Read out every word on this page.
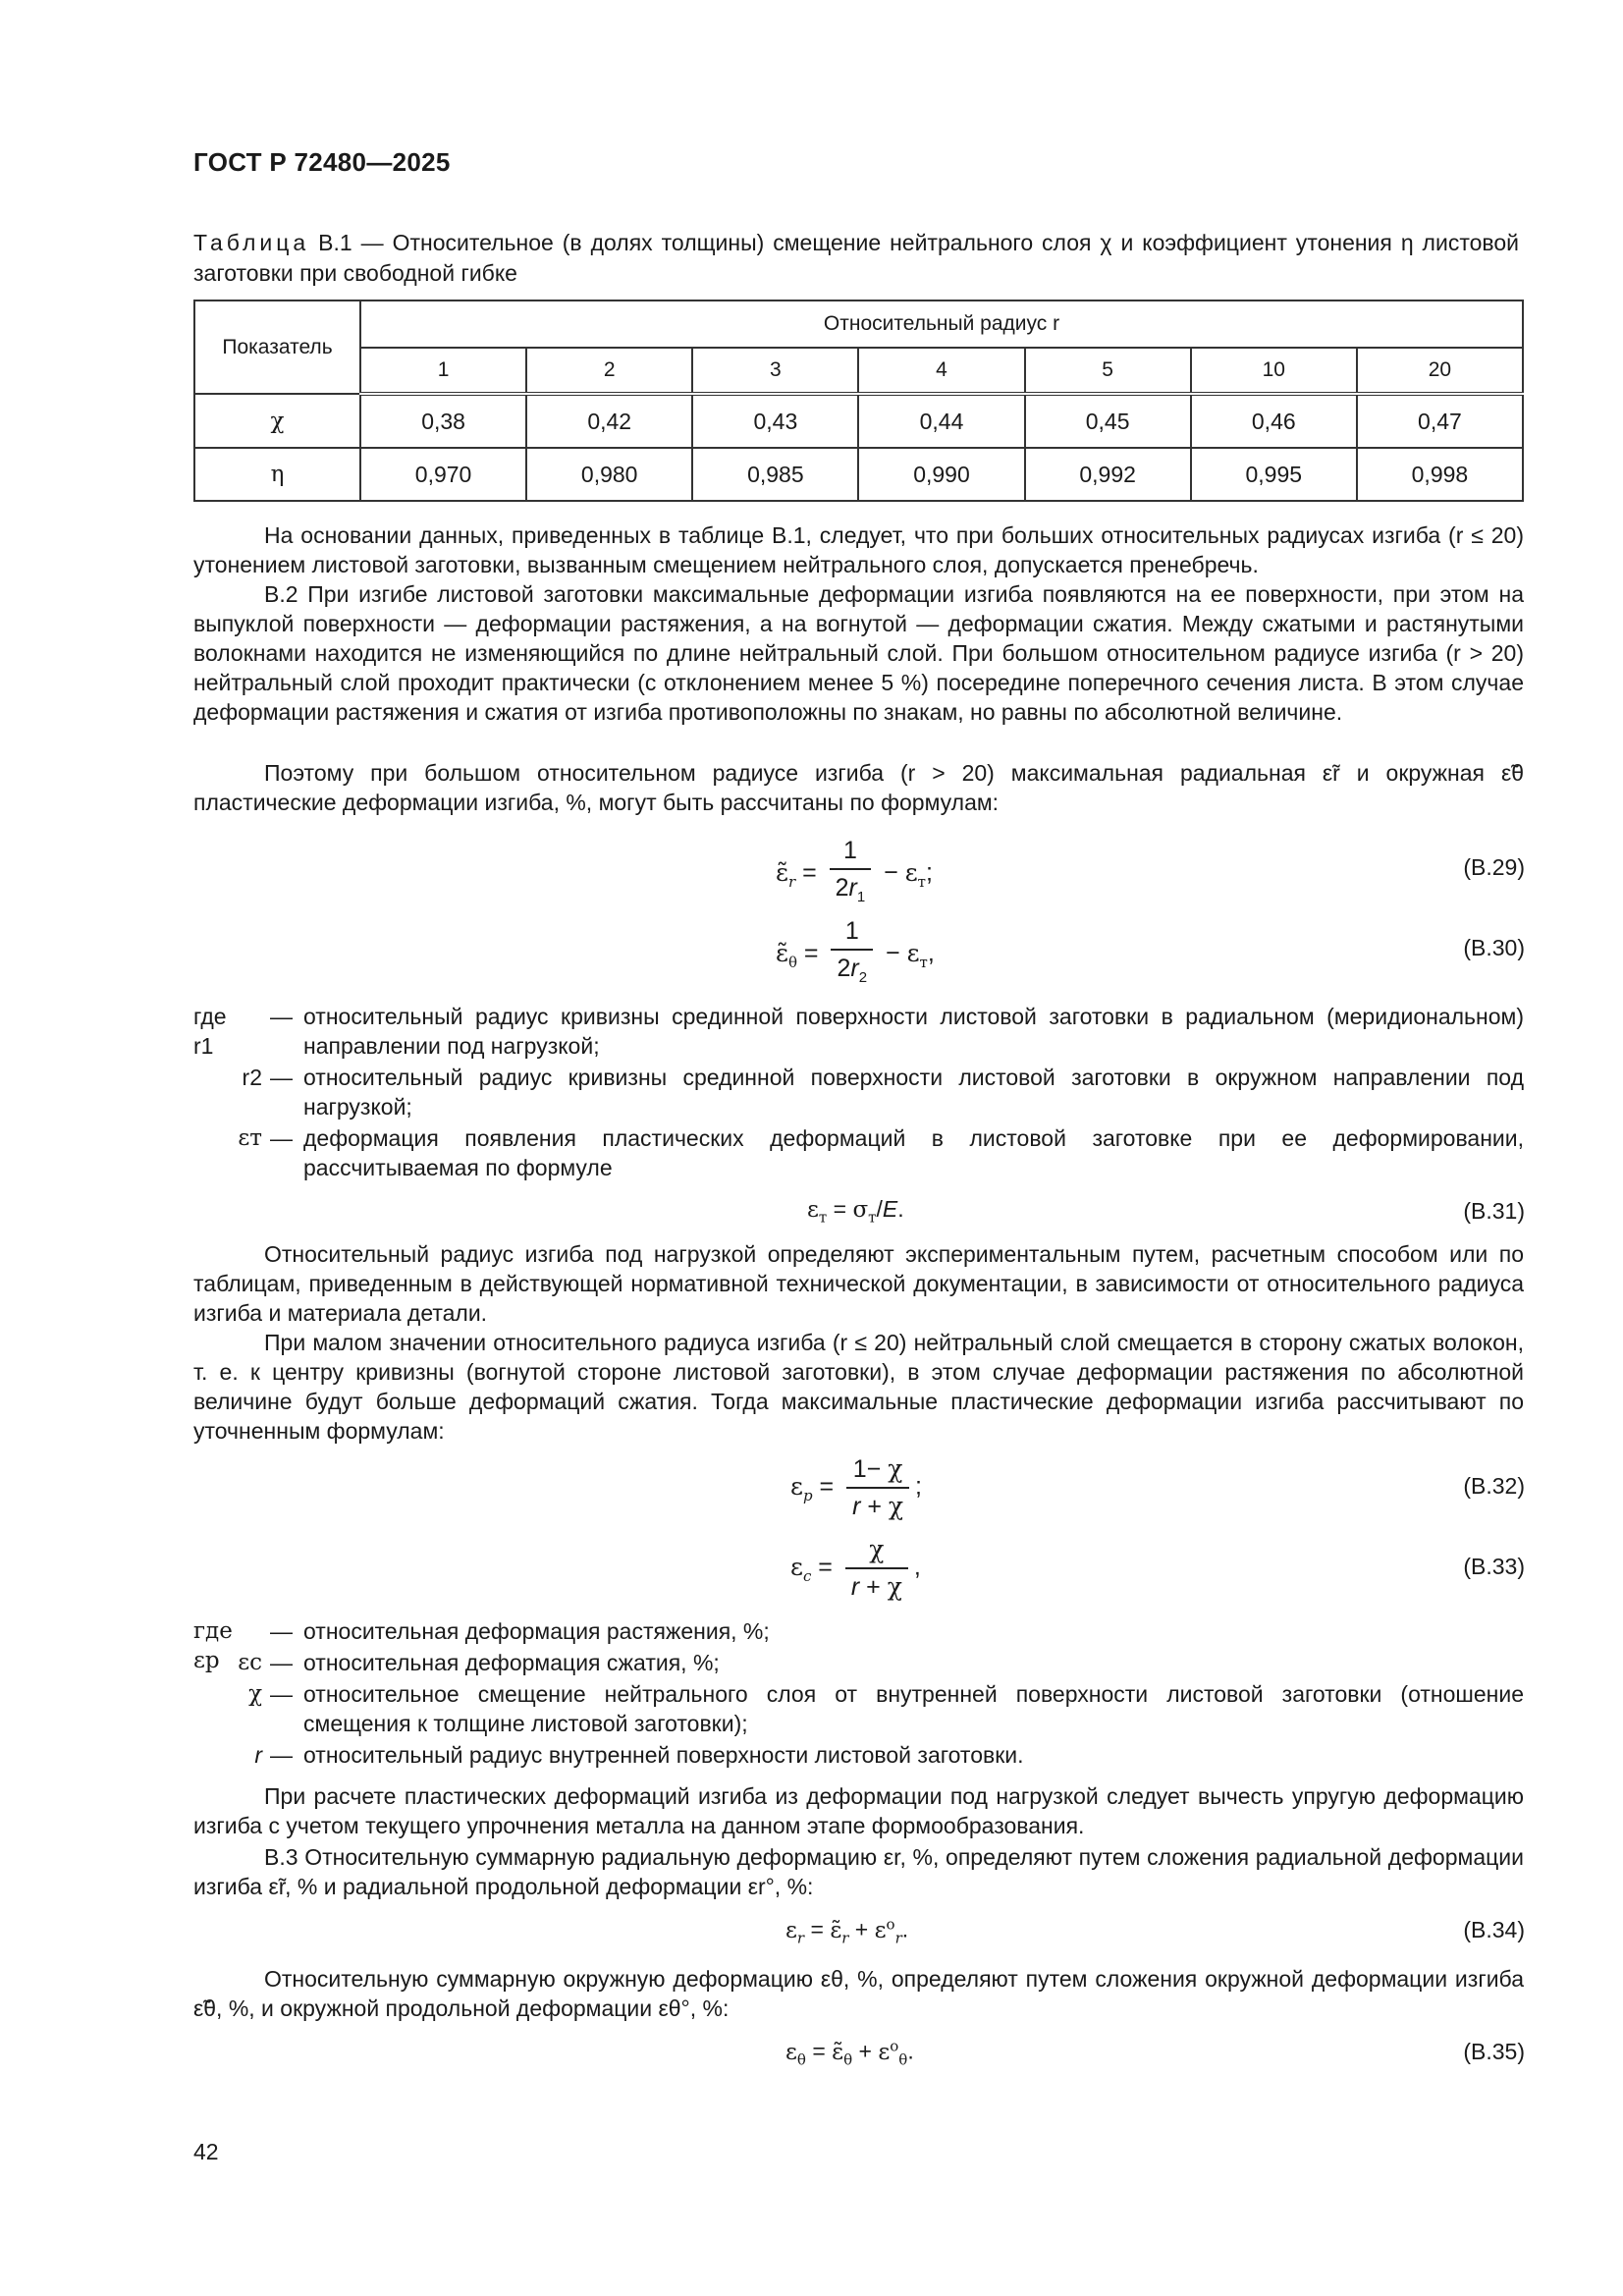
ГОСТ Р 72480—2025
Таблица В.1 — Относительное (в долях толщины) смещение нейтрального слоя χ и коэффициент утонения η листовой заготовки при свободной гибке
Показатель	Относительный радиус r						
	1	2	3	4	5	10	20
χ	0,38	0,42	0,43	0,44	0,45	0,46	0,47
η	0,970	0,980	0,985	0,990	0,992	0,995	0,998
На основании данных, приведенных в таблице В.1, следует, что при больших относительных радиусах изгиба (r ≤ 20) утонением листовой заготовки, вызванным смещением нейтрального слоя, допускается пренебречь.
В.2 При изгибе листовой заготовки максимальные деформации изгиба появляются на ее поверхности, при этом на выпуклой поверхности — деформации растяжения, а на вогнутой — деформации сжатия. Между сжатыми и растянутыми волокнами находится не изменяющийся по длине нейтральный слой. При большом относительном радиусе изгиба (r > 20) нейтральный слой проходит практически (с отклонением менее 5 %) посередине поперечного сечения листа. В этом случае деформации растяжения и сжатия от изгиба противоположны по знакам, но равны по абсолютной величине.
Поэтому при большом относительном радиусе изгиба (r > 20) максимальная радиальная ε̃r и окружная ε̃θ пластические деформации изгиба, %, могут быть рассчитаны по формулам:
$\varepsiloñ_r = \frac{1}{2r_1} - \varepsilon_т$;	(В.29)
$\varepsiloñ_\theta = \frac{1}{2r_2} - \varepsilon_т$,	(В.30)
где r1
— относительный радиус кривизны срединной поверхности листовой заготовки в радиальном (меридиональном) направлении под нагрузкой;
r2 — относительный радиус кривизны срединной поверхности листовой заготовки в окружном направлении под нагрузкой;
εт — деформация появления пластических деформаций в листовой заготовке при ее деформировании, рассчитываемая по формуле
$\varepsilon_т = \sigma_т/E$.	(В.31)
Относительный радиус изгиба под нагрузкой определяют экспериментальным путем, расчетным способом или по таблицам, приведенным в действующей нормативной технической документации, в зависимости от относительного радиуса изгиба и материала детали.
При малом значении относительного радиуса изгиба (r ≤ 20) нейтральный слой смещается в сторону сжатых волокон, т. е. к центру кривизны (вогнутой стороне листовой заготовки), в этом случае деформации растяжения по абсолютной величине будут больше деформаций сжатия. Тогда максимальные пластические деформации изгиба рассчитывают по уточненным формулам:
$\varepsilon_p = \frac{1- \chi}{r + \chi}$ ;	(В.32)
$\varepsilon_c = \frac{\chi}{r + \chi}$ ,	(В.33)
где εp
— относительная деформация растяжения, %;
εc — относительная деформация сжатия, %;
χ — относительное смещение нейтрального слоя от внутренней поверхности листовой заготовки (отношение смещения к толщине листовой заготовки);
r — относительный радиус внутренней поверхности листовой заготовки.
При расчете пластических деформаций изгиба из деформации под нагрузкой следует вычесть упругую деформацию изгиба с учетом текущего упрочнения металла на данном этапе формообразования.
В.3 Относительную суммарную радиальную деформацию εr, %, определяют путем сложения радиальной деформации изгиба ε̃r, % и радиальной продольной деформации εr°, %:
$\varepsilon_r$ = $\varepsiloñ_r + \varepsilon^o_r$.	(В.34)
Относительную суммарную окружную деформацию εθ, %, определяют путем сложения окружной деформации изгиба ε̃θ, %, и окружной продольной деформации εθ°, %:
$\varepsilon_\theta$ = $\varepsiloñ_\theta + \varepsilon^o_\theta$.	(В.35)
42
